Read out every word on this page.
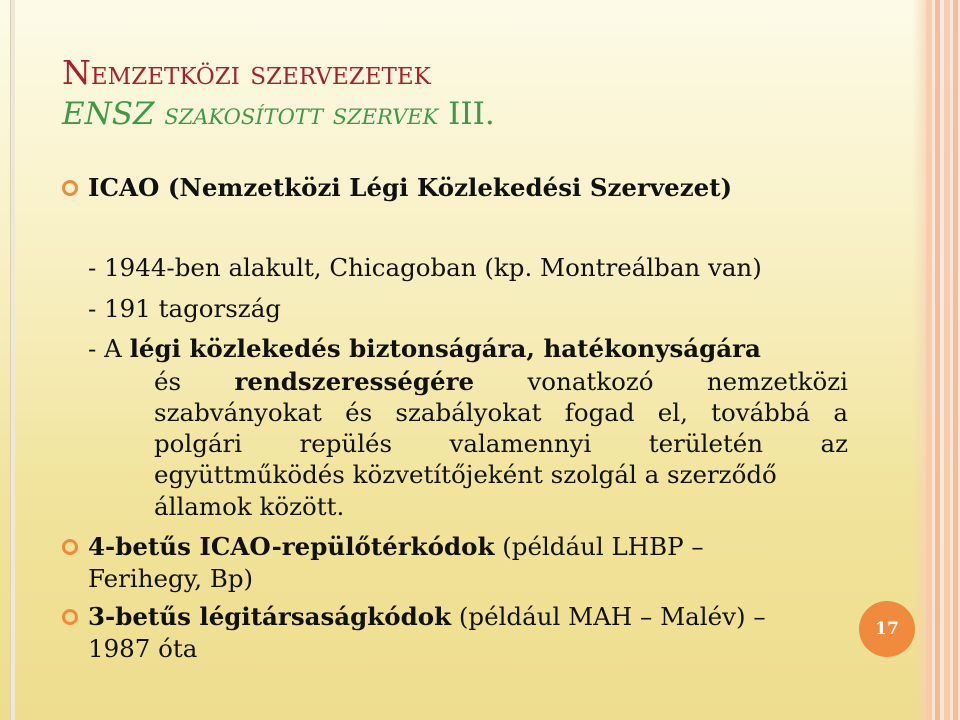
Nemzetközi szervezetek
ENSZ szakosított szervek III.
ICAO (Nemzetközi Légi Közlekedési Szervezet)
- 1944-ben alakult, Chicagoban (kp. Montreálban van)
- 191 tagország
- A légi közlekedés biztonságára, hatékonyságára
és rendszerességére vonatkozó nemzetközi
szabványokat és szabályokat fogad el, továbbá a
polgári repülés valamennyi területén az
együttműködés közvetítőjeként szolgál a szerződő
államok között.
4-betűs ICAO-repülőtérkódok (például LHBP –
Ferihegy, Bp)
3-betűs légitársaságkódok (például MAH – Malév) –
1987 óta
17
